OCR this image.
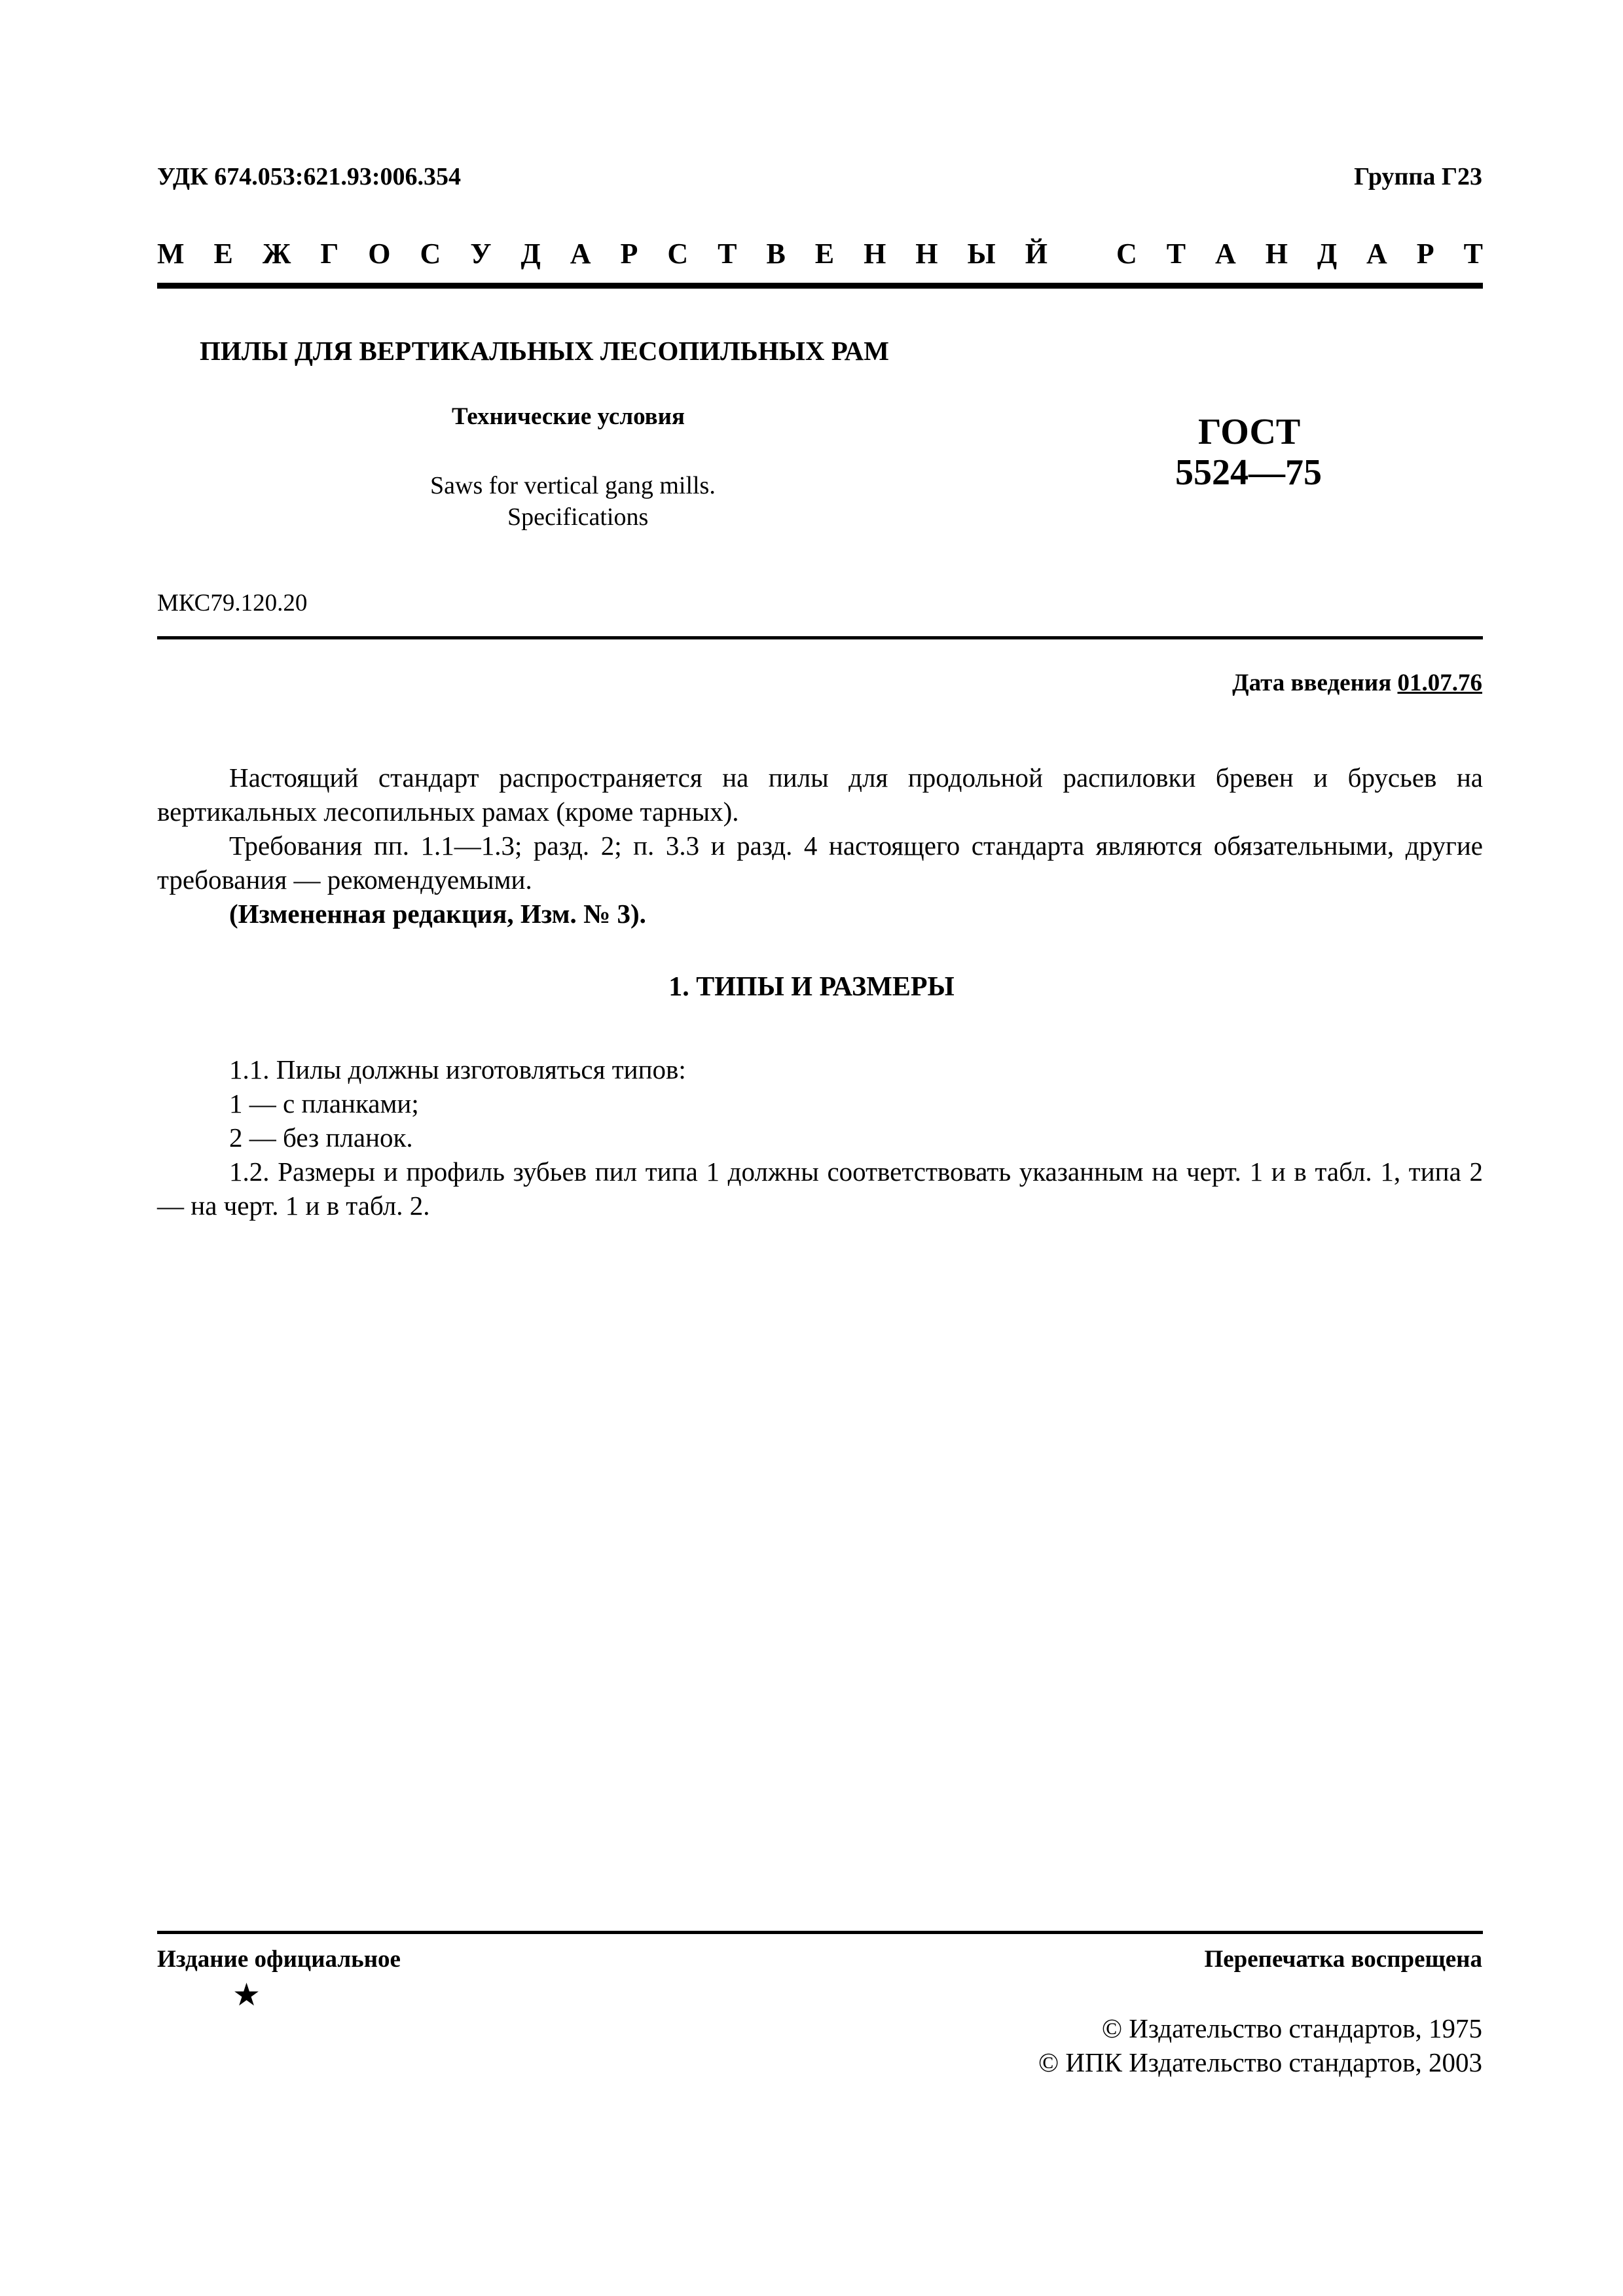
УДК 674.053:621.93:006.354	Группа Г23
М Е Ж Г О С У Д А Р С Т В Е Н Н Ы Й С Т А Н Д А Р Т
ПИЛЫ ДЛЯ ВЕРТИКАЛЬНЫХ ЛЕСОПИЛЬНЫХ РАМ
Технические условия
Saws for vertical gang mills.
Specifications
ГОСТ
5524—75
МКС79.120.20
Дата введения 01.07.76
Настоящий стандарт распространяется на пилы для продольной распиловки бревен и брусьев на вертикальных лесопильных рамах (кроме тарных).
Требования пп. 1.1—1.3; разд. 2; п. 3.3 и разд. 4 настоящего стандарта являются обязательными, другие требования — рекомендуемыми.
(Измененная редакция, Изм. № 3).
1. ТИПЫ И РАЗМЕРЫ
1.1. Пилы должны изготовляться типов:
1 — с планками;
2 — без планок.
1.2. Размеры и профиль зубьев пил типа 1 должны соответствовать указанным на черт. 1 и в табл. 1, типа 2 — на черт. 1 и в табл. 2.
Издание официальное
★
Перепечатка воспрещена
© Издательство стандартов, 1975
© ИПК Издательство стандартов, 2003
